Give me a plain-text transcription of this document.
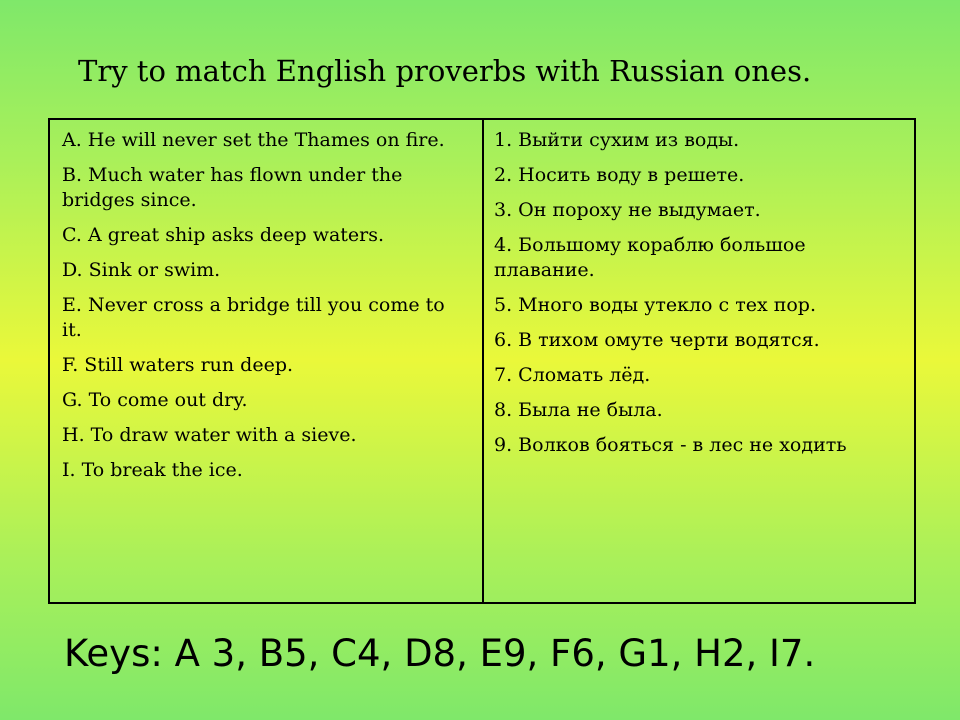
Try to match English proverbs with Russian ones.
A. He will never set the Thames on fire.
B. Much water has flown under the bridges since.
C. A great ship asks deep waters.
D. Sink or swim.
E. Never cross a bridge till you come to it.
F. Still waters run deep.
G. To come out dry.
H. To draw water with a sieve.
I. To break the ice.
1. Выйти сухим из воды.
2. Носить воду в решете.
3. Он пороху не выдумает.
4. Большому кораблю большое плавание.
5. Много воды утекло с тех пор.
6. В тихом омуте черти водятся.
7. Сломать лёд.
8. Была не была.
9. Волков бояться - в лес не ходить
Keys: A 3, B5, C4, D8, E9, F6, G1, H2, I7.
